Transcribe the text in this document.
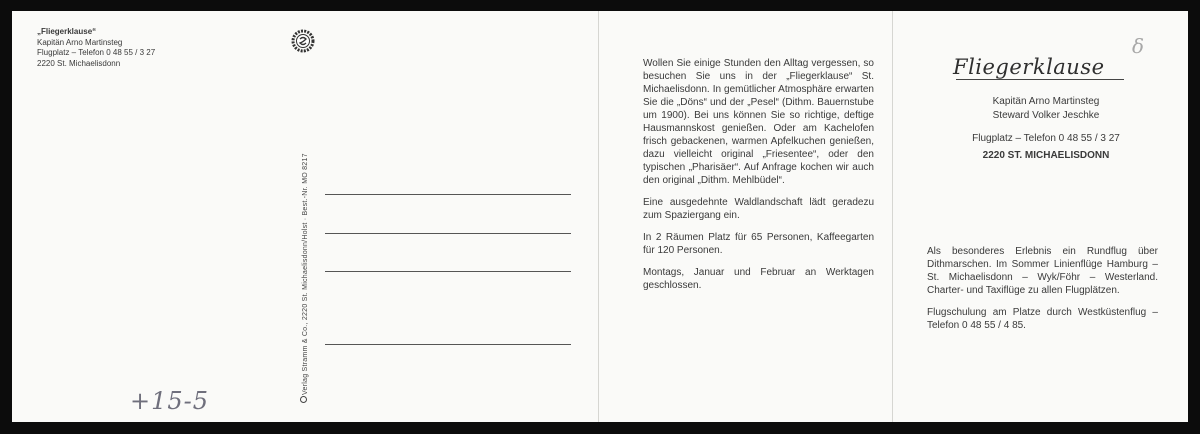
„Fliegerklause“
Kapitän Arno Martinsteg
Flugplatz – Telefon 0 48 55 / 3 27
2220 St. Michaelisdonn
Verlag Stramm & Co., 2220 St. Michaelisdonn/Holst · Best.-Nr. MO 8217
+15-5

Wollen Sie einige Stunden den Alltag vergessen, so besuchen Sie uns in der „Fliegerklause“ St. Michaelisdonn. In gemütlicher Atmosphäre erwarten Sie die „Döns“ und der „Pesel“ (Dithm. Bauernstube um 1900). Bei uns können Sie so richtige, deftige Hausmannskost genießen. Oder am Kachelofen frisch gebackenen, warmen Apfelkuchen genießen, dazu vielleicht original „Friesentee“, oder den typischen „Pharisäer“. Auf Anfrage kochen wir auch den original „Dithm. Mehlbüdel“.

Eine ausgedehnte Waldlandschaft lädt geradezu zum Spaziergang ein.

In 2 Räumen Platz für 65 Personen, Kaffeegarten für 120 Personen.

Montags, Januar und Februar an Werktagen geschlossen.

Fliegerklause
δ
Kapitän Arno Martinsteg
Steward Volker Jeschke
Flugplatz – Telefon 0 48 55 / 3 27
2220 ST. MICHAELISDONN

Als besonderes Erlebnis ein Rundflug über Dithmarschen. Im Sommer Linienflüge Hamburg – St. Michaelisdonn – Wyk/Föhr – Westerland. Charter- und Taxiflüge zu allen Flugplätzen.

Flugschulung am Platze durch Westküstenflug – Telefon 0 48 55 / 4 85.
